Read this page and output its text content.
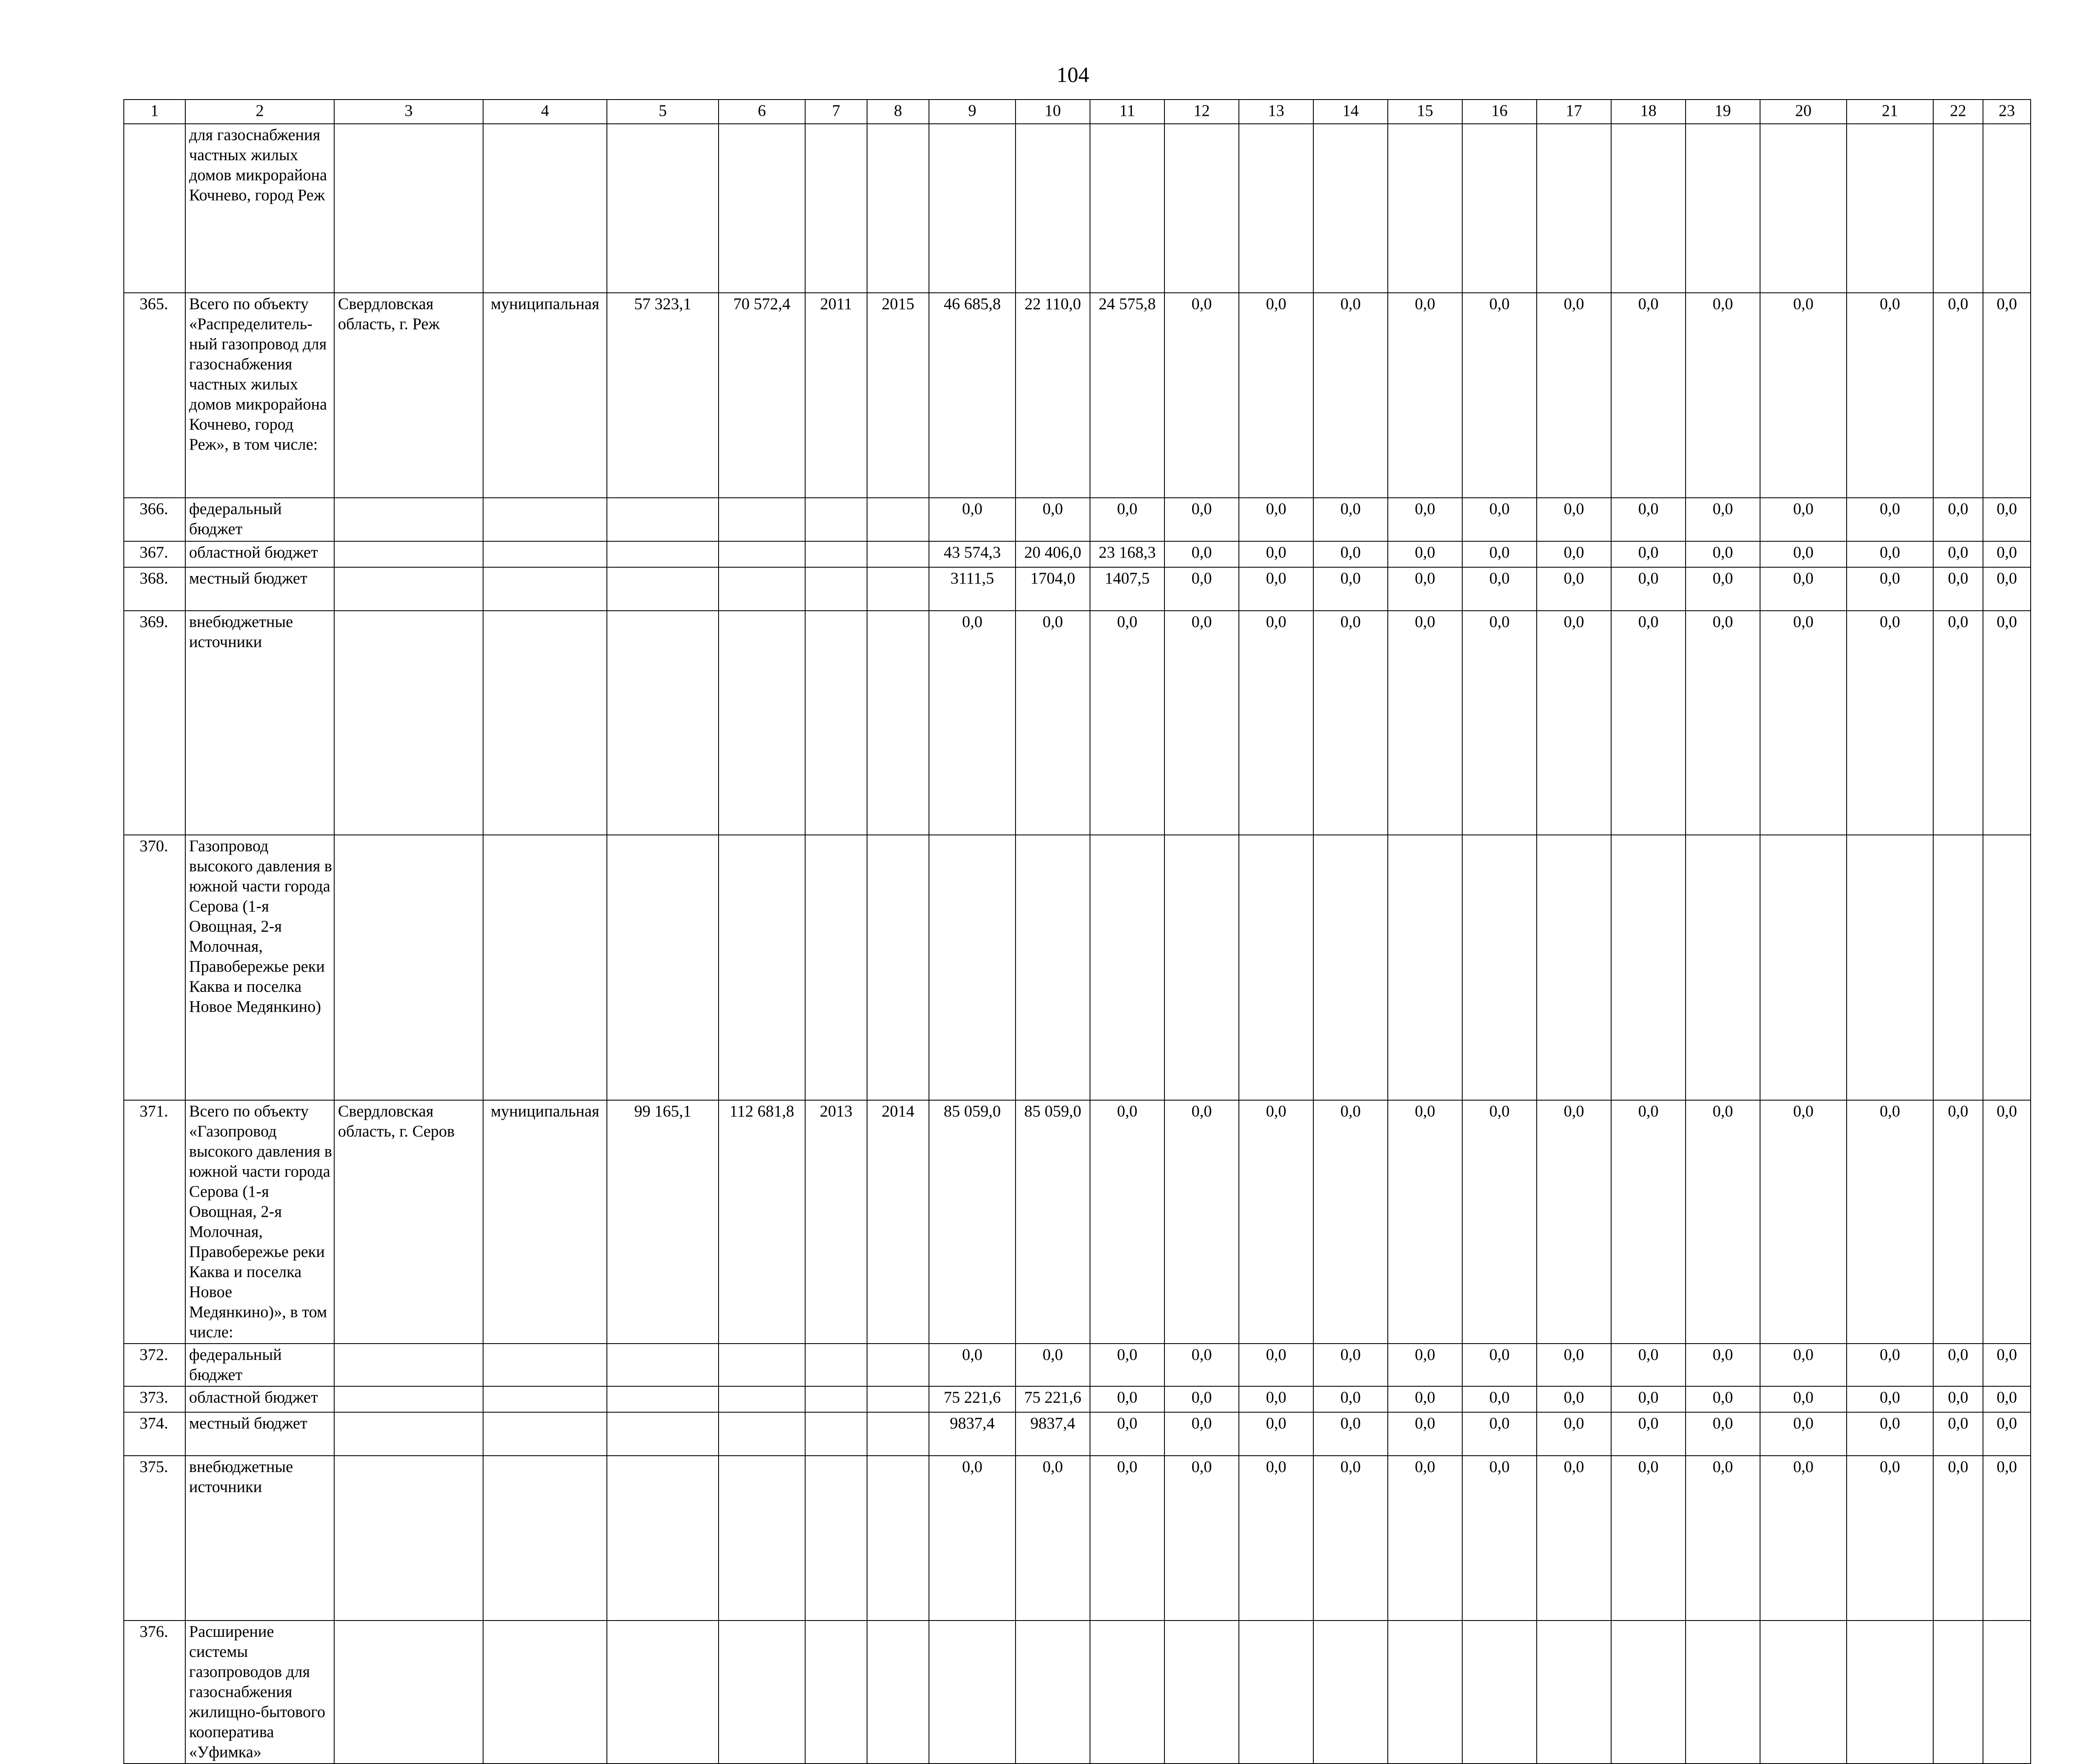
104
1	2	3	4	5	6	7	8	9	10	11	12	13	14	15	16	17	18	19	20	21	22	23
	для газоснабжения частных жилых домов микрорайона Кочнево, город Реж																					
365.	Всего по объекту «Распределитель-ный газопровод для газоснабжения частных жилых домов микрорайона Кочнево, город Реж», в том числе:	Свердловская область, г. Реж	муниципальная	57 323,1	70 572,4	2011	2015	46 685,8	22 110,0	24 575,8	0,0	0,0	0,0	0,0	0,0	0,0	0,0	0,0	0,0	0,0	0,0	0,0
366.	федеральный бюджет							0,0	0,0	0,0	0,0	0,0	0,0	0,0	0,0	0,0	0,0	0,0	0,0	0,0	0,0	0,0
367.	областной бюджет							43 574,3	20 406,0	23 168,3	0,0	0,0	0,0	0,0	0,0	0,0	0,0	0,0	0,0	0,0	0,0	0,0
368.	местный бюджет							3111,5	1704,0	1407,5	0,0	0,0	0,0	0,0	0,0	0,0	0,0	0,0	0,0	0,0	0,0	0,0
369.	внебюджетные источники							0,0	0,0	0,0	0,0	0,0	0,0	0,0	0,0	0,0	0,0	0,0	0,0	0,0	0,0	0,0
370.	Газопровод высокого давления в южной части города Серова (1-я Овощная, 2-я Молочная, Правобережье реки Каква и поселка Новое Медянкино)																					
371.	Всего по объекту «Газопровод высокого давления в южной части города Серова (1-я Овощная, 2-я Молочная, Правобережье реки Каква и поселка Новое Медянкино)», в том числе:	Свердловская область, г. Серов	муниципальная	99 165,1	112 681,8	2013	2014	85 059,0	85 059,0	0,0	0,0	0,0	0,0	0,0	0,0	0,0	0,0	0,0	0,0	0,0	0,0	0,0
372.	федеральный бюджет							0,0	0,0	0,0	0,0	0,0	0,0	0,0	0,0	0,0	0,0	0,0	0,0	0,0	0,0	0,0
373.	областной бюджет							75 221,6	75 221,6	0,0	0,0	0,0	0,0	0,0	0,0	0,0	0,0	0,0	0,0	0,0	0,0	0,0
374.	местный бюджет							9837,4	9837,4	0,0	0,0	0,0	0,0	0,0	0,0	0,0	0,0	0,0	0,0	0,0	0,0	0,0
375.	внебюджетные источники							0,0	0,0	0,0	0,0	0,0	0,0	0,0	0,0	0,0	0,0	0,0	0,0	0,0	0,0	0,0
376.	Расширение системы газопроводов для газоснабжения жилищно-бытового кооператива «Уфимка»																					
